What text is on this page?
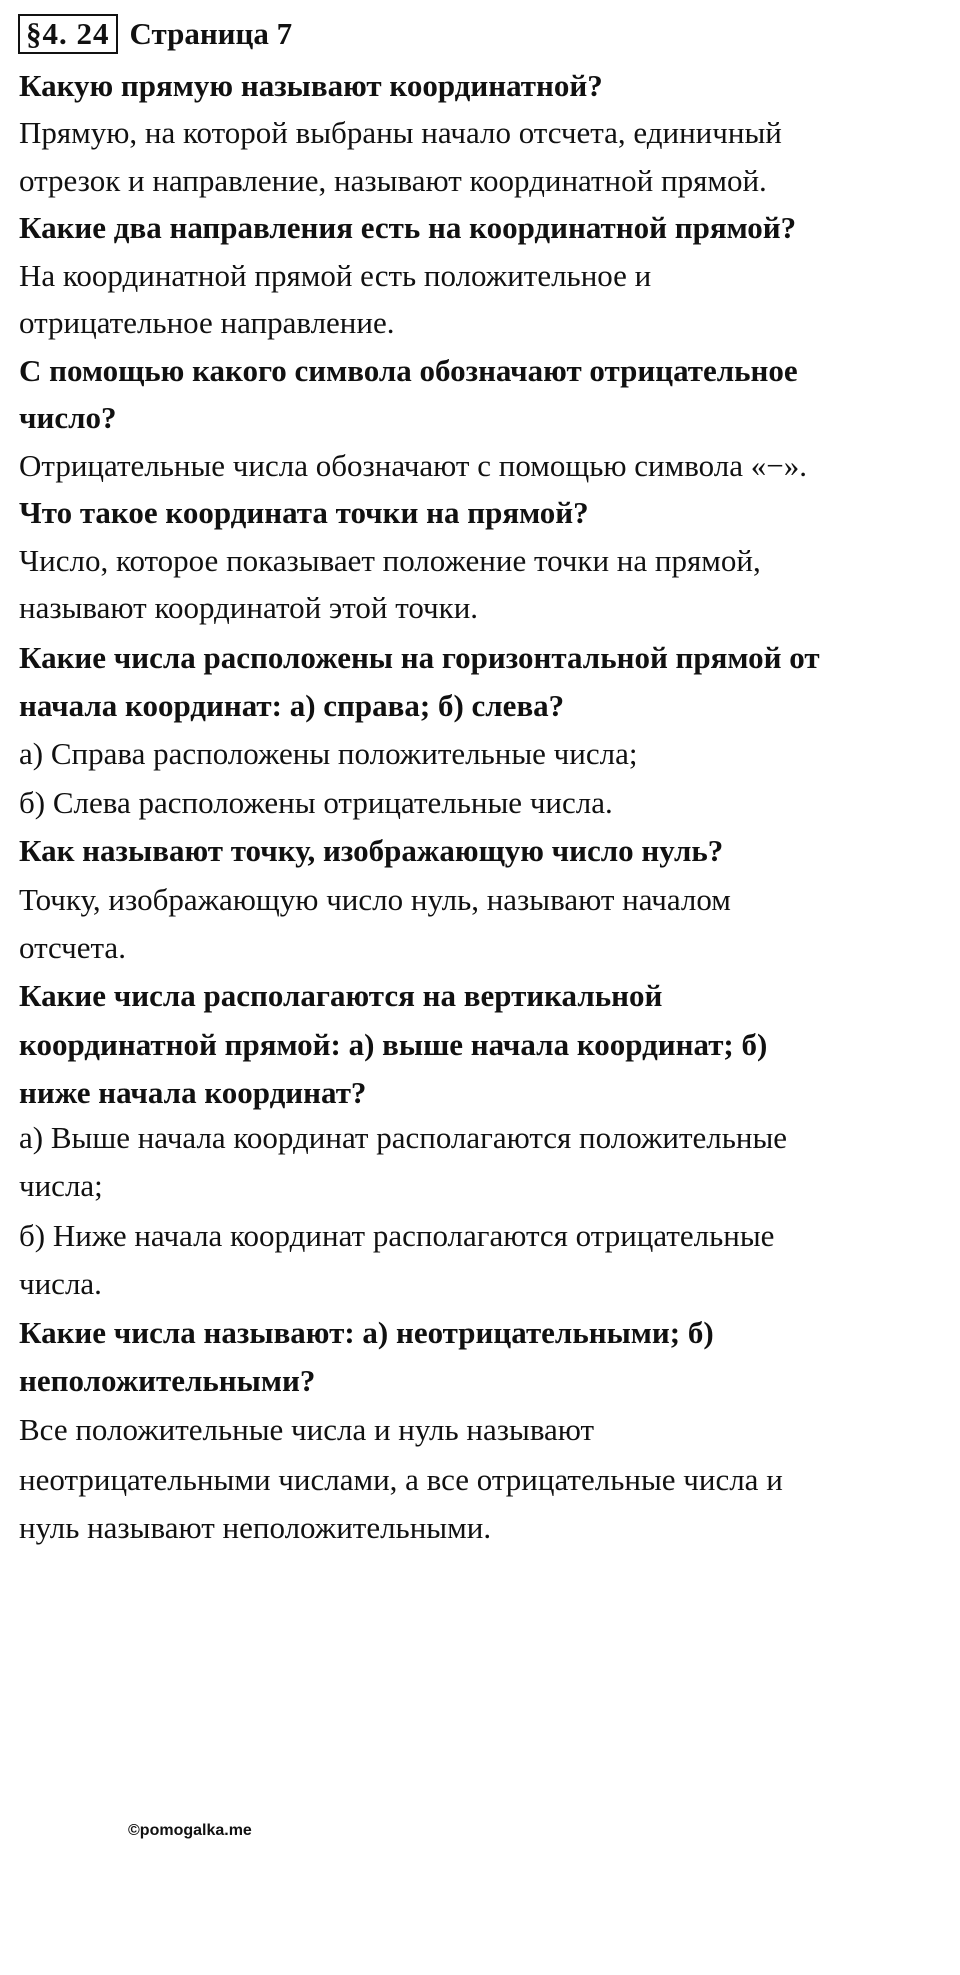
§4. 24 Страница 7
Какую прямую называют координатной?
Прямую, на которой выбраны начало отсчета, единичный
отрезок и направление, называют координатной прямой.
Какие два направления есть на координатной прямой?
На координатной прямой есть положительное и
отрицательное направление.
С помощью какого символа обозначают отрицательное
число?
Отрицательные числа обозначают с помощью символа «−».
Что такое координата точки на прямой?
Число, которое показывает положение точки на прямой,
называют координатой этой точки.
Какие числа расположены на горизонтальной прямой от
начала координат: а) справа; б) слева?
а) Справа расположены положительные числа;
б) Слева расположены отрицательные числа.
Как называют точку, изображающую число нуль?
Точку, изображающую число нуль, называют началом
отсчета.
Какие числа располагаются на вертикальной
координатной прямой: а) выше начала координат; б)
ниже начала координат?
а) Выше начала координат располагаются положительные
числа;
б) Ниже начала координат располагаются отрицательные
числа.
Какие числа называют: а) неотрицательными; б)
неположительными?
Все положительные числа и нуль называют
неотрицательными числами, а все отрицательные числа и
нуль называют неположительными.
©pomogalka.me
